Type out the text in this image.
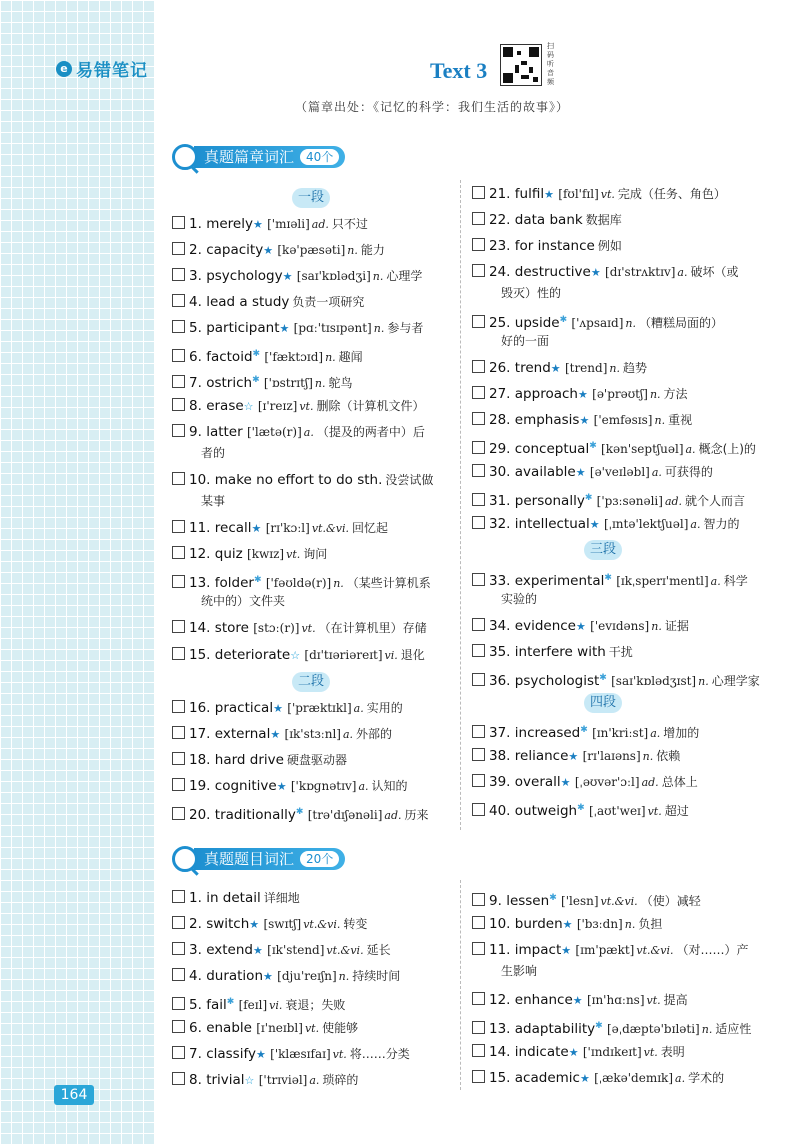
e 易错笔记
164
Text 3
扫码听音频
（篇章出处：《记忆的科学：我们生活的故事》）
真题篇章词汇	40个
1. merely★ ['mɪəli] ad. 只不过
2. capacity★ [kə'pæsəti] n. 能力
3. psychology★ [saɪ'kɒlədʒi] n. 心理学
4. lead a study 负责一项研究
5. participant★ [pɑː'tɪsɪpənt] n. 参与者
6. factoid✱ ['fæktɔɪd] n. 趣闻
7. ostrich✱ ['ɒstrɪtʃ] n. 鸵鸟
8. erase☆ [ɪ'reɪz] vt. 删除（计算机文件）
9. latter ['lætə(r)] a. （提及的两者中）后
者的
10. make no effort to do sth. 没尝试做
某事
11. recall★ [rɪ'kɔːl] vt.&vi. 回忆起
12. quiz [kwɪz] vt. 询问
13. folder✱ ['fəʊldə(r)] n. （某些计算机系
统中的）文件夹
14. store [stɔː(r)] vt. （在计算机里）存储
15. deteriorate☆ [dɪ'tɪəriəreɪt] vi. 退化
16. practical★ ['præktɪkl] a. 实用的
17. external★ [ɪk'stɜːnl] a. 外部的
18. hard drive 硬盘驱动器
19. cognitive★ ['kɒɡnətɪv] a. 认知的
20. traditionally✱ [trə'dɪʃənəli] ad. 历来
21. fulfil★ [fʊl'fɪl] vt. 完成（任务、角色）
22. data bank 数据库
23. for instance 例如
24. destructive★ [dɪ'strʌktɪv] a. 破坏（或
毁灭）性的
25. upside✱ ['ʌpsaɪd] n. （糟糕局面的）
好的一面
26. trend★ [trend] n. 趋势
27. approach★ [ə'prəʊtʃ] n. 方法
28. emphasis★ ['emfəsɪs] n. 重视
29. conceptual✱ [kən'septʃuəl] a. 概念(上)的
30. available★ [ə'veɪləbl] a. 可获得的
31. personally✱ ['pɜːsənəli] ad. 就个人而言
32. intellectual★ [ˌɪntə'lektʃuəl] a. 智力的
33. experimental✱ [ɪkˌsperɪ'mentl] a. 科学
实验的
34. evidence★ ['evɪdəns] n. 证据
35. interfere with 干扰
36. psychologist✱ [saɪ'kɒlədʒɪst] n. 心理学家
37. increased✱ [ɪn'kriːst] a. 增加的
38. reliance★ [rɪ'laɪəns] n. 依赖
39. overall★ [ˌəʊvər'ɔːl] ad. 总体上
40. outweigh✱ [ˌaʊt'weɪ] vt. 超过
一段
二段
三段
四段
真题题目词汇	20个
1. in detail 详细地
2. switch★ [swɪtʃ] vt.&vi. 转变
3. extend★ [ɪk'stend] vt.&vi. 延长
4. duration★ [dju'reɪʃn] n. 持续时间
5. fail✱ [feɪl] vi. 衰退；失败
6. enable [ɪ'neɪbl] vt. 使能够
7. classify★ ['klæsɪfaɪ] vt. 将……分类
8. trivial☆ ['trɪviəl] a. 琐碎的
9. lessen✱ ['lesn] vt.&vi. （使）减轻
10. burden★ ['bɜːdn] n. 负担
11. impact★ [ɪm'pækt] vt.&vi. （对……）产
生影响
12. enhance★ [ɪn'hɑːns] vt. 提高
13. adaptability✱ [əˌdæptə'bɪləti] n. 适应性
14. indicate★ ['ɪndɪkeɪt] vt. 表明
15. academic★ [ˌækə'demɪk] a. 学术的
